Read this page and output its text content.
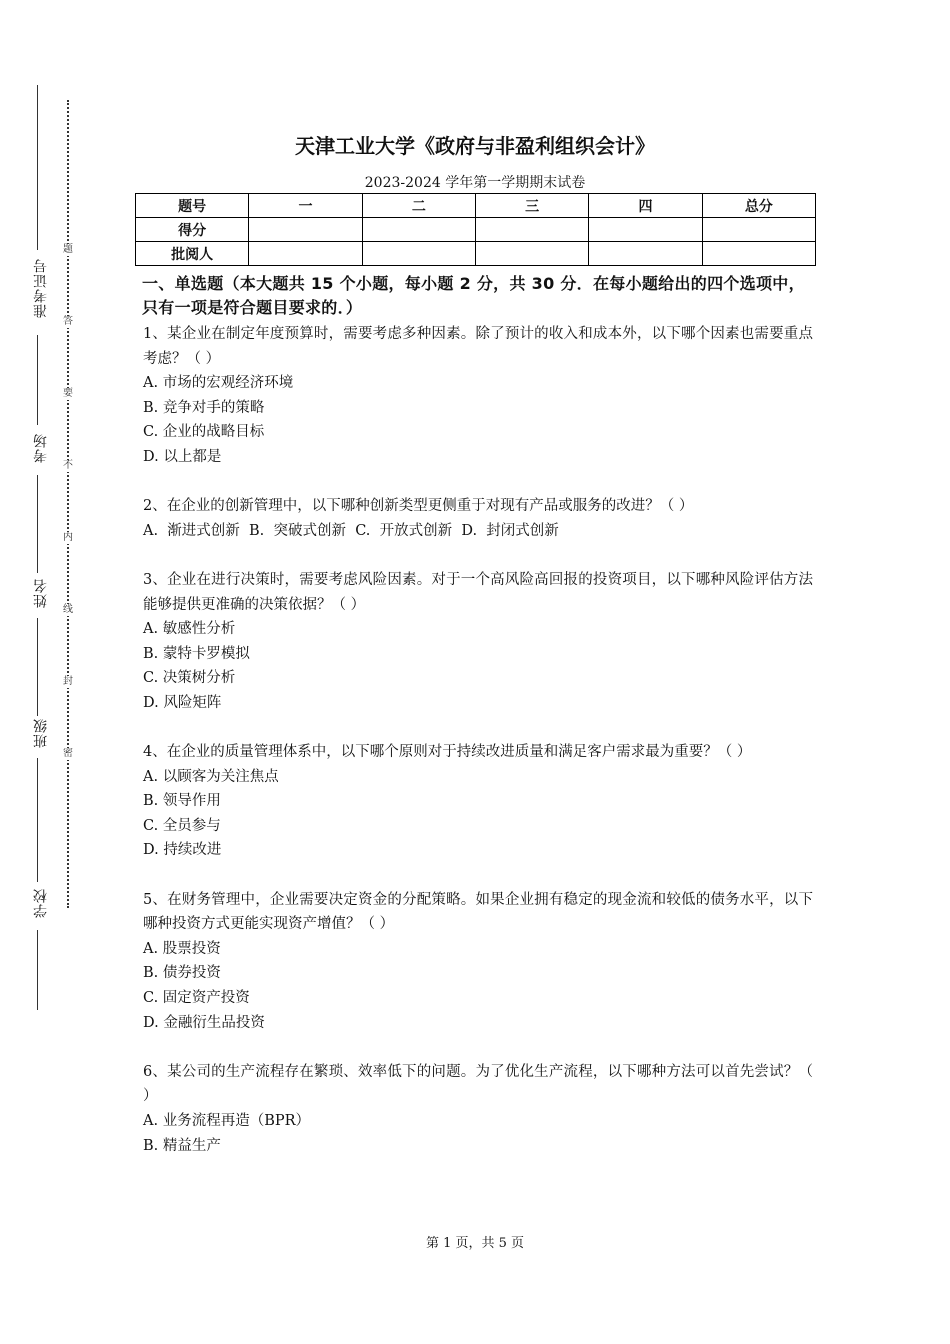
准考证号
考场
姓名
班级
学校
题
答
要
不
内
线
封
密
天津工业大学《政府与非盈利组织会计》
2023-2024 学年第一学期期末试卷
题号	一	二	三	四	总分
得分					
批阅人					
一、单选题（本大题共 15 个小题，每小题 2 分，共 30 分．在每小题给出的四个选项中，只有一项是符合题目要求的．）

1、某企业在制定年度预算时，需要考虑多种因素。除了预计的收入和成本外，以下哪个因素也需要重点考虑？（ ）

A. 市场的宏观经济环境

B. 竞争对手的策略

C. 企业的战略目标

D. 以上都是

2、在企业的创新管理中，以下哪种创新类型更侧重于对现有产品或服务的改进？（ ）

A.  渐进式创新  B.  突破式创新  C.  开放式创新  D.  封闭式创新

3、企业在进行决策时，需要考虑风险因素。对于一个高风险高回报的投资项目，以下哪种风险评估方法能够提供更准确的决策依据？（ ）

A. 敏感性分析

B. 蒙特卡罗模拟

C. 决策树分析

D. 风险矩阵

4、在企业的质量管理体系中，以下哪个原则对于持续改进质量和满足客户需求最为重要？（ ）

A. 以顾客为关注焦点

B. 领导作用

C. 全员参与

D. 持续改进

5、在财务管理中，企业需要决定资金的分配策略。如果企业拥有稳定的现金流和较低的债务水平，以下哪种投资方式更能实现资产增值？（ ）

A. 股票投资

B. 债券投资

C. 固定资产投资

D. 金融衍生品投资

6、某公司的生产流程存在繁琐、效率低下的问题。为了优化生产流程，以下哪种方法可以首先尝试？（ ）

A. 业务流程再造（BPR）

B. 精益生产

第 1 页，共 5 页
